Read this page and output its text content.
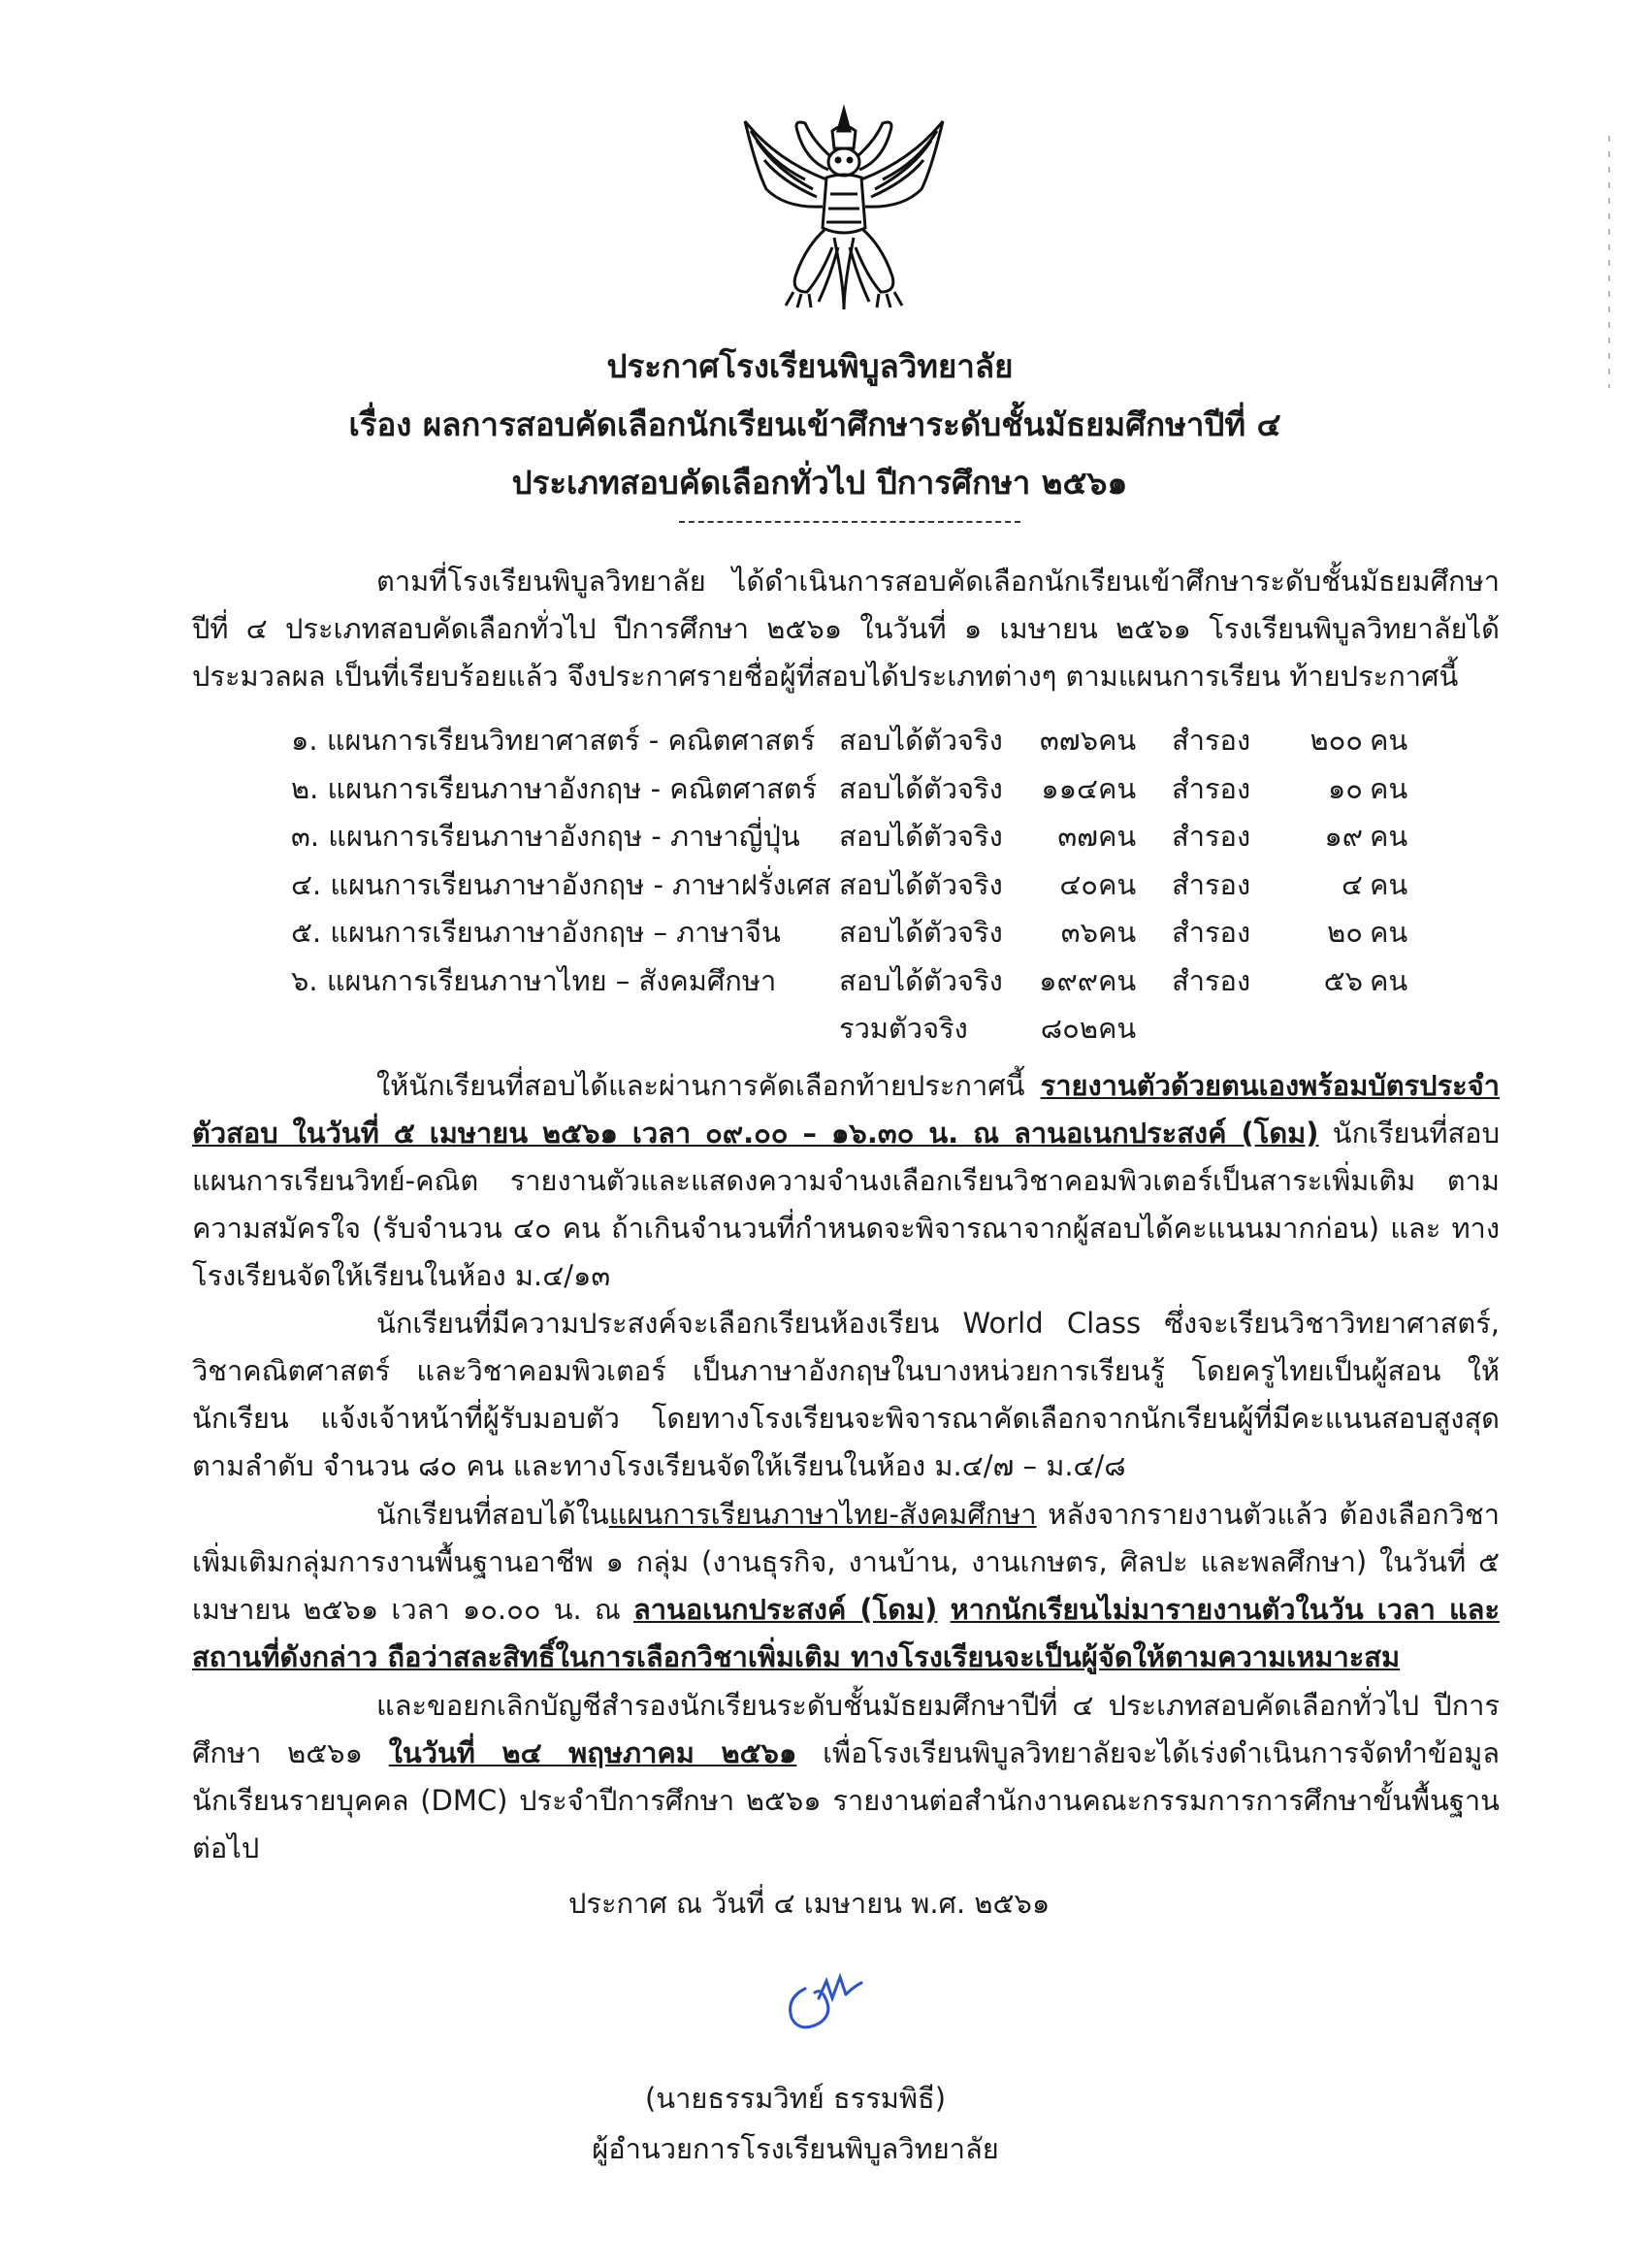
ประกาศโรงเรียนพิบูลวิทยาลัย
เรื่อง ผลการสอบคัดเลือกนักเรียนเข้าศึกษาระดับชั้นมัธยมศึกษาปีที่ ๔
ประเภทสอบคัดเลือกทั่วไป ปีการศึกษา ๒๕๖๑
ตามที่โรงเรียนพิบูลวิทยาลัย ได้ดำเนินการสอบคัดเลือกนักเรียนเข้าศึกษาระดับชั้นมัธยมศึกษาปีที่ ๔ ประเภทสอบคัดเลือกทั่วไป ปีการศึกษา ๒๕๖๑ ในวันที่ ๑ เมษายน ๒๕๖๑ โรงเรียนพิบูลวิทยาลัยได้ประมวลผล เป็นที่เรียบร้อยแล้ว จึงประกาศรายชื่อผู้ที่สอบได้ประเภทต่างๆ ตามแผนการเรียน ท้ายประกาศนี้
๑. แผนการเรียนวิทยาศาสตร์ - คณิตศาสตร์ สอบได้ตัวจริง	๓๗๖ คน สำรอง	๒๐๐ คน
๒. แผนการเรียนภาษาอังกฤษ - คณิตศาสตร์ สอบได้ตัวจริง	๑๑๔ คน สำรอง	๑๐ คน
๓. แผนการเรียนภาษาอังกฤษ - ภาษาญี่ปุ่น สอบได้ตัวจริง	๓๗ คน สำรอง	๑๙ คน
๔. แผนการเรียนภาษาอังกฤษ - ภาษาฝรั่งเศส สอบได้ตัวจริง	๔๐ คน สำรอง	๔ คน
๕. แผนการเรียนภาษาอังกฤษ – ภาษาจีน สอบได้ตัวจริง	๓๖ คน สำรอง	๒๐ คน
๖. แผนการเรียนภาษาไทย – สังคมศึกษา สอบได้ตัวจริง	๑๙๙ คน สำรอง	๕๖ คน
รวมตัวจริง	๘๐๒ คน
ให้นักเรียนที่สอบได้และผ่านการคัดเลือกท้ายประกาศนี้ รายงานตัวด้วยตนเองพร้อมบัตรประจำตัวสอบ ในวันที่ ๕ เมษายน ๒๕๖๑ เวลา ๐๙.๐๐ – ๑๖.๓๐ น. ณ ลานอเนกประสงค์ (โดม) นักเรียนที่สอบแผนการเรียนวิทย์-คณิต รายงานตัวและแสดงความจำนงเลือกเรียนวิชาคอมพิวเตอร์เป็นสาระเพิ่มเติม ตามความสมัครใจ (รับจำนวน ๔๐ คน ถ้าเกินจำนวนที่กำหนดจะพิจารณาจากผู้สอบได้คะแนนมากก่อน) และ ทางโรงเรียนจัดให้เรียนในห้อง ม.๔/๑๓
นักเรียนที่มีความประสงค์จะเลือกเรียนห้องเรียน World Class ซึ่งจะเรียนวิชาวิทยาศาสตร์, วิชาคณิตศาสตร์ และวิชาคอมพิวเตอร์ เป็นภาษาอังกฤษในบางหน่วยการเรียนรู้ โดยครูไทยเป็นผู้สอน ให้นักเรียน แจ้งเจ้าหน้าที่ผู้รับมอบตัว โดยทางโรงเรียนจะพิจารณาคัดเลือกจากนักเรียนผู้ที่มีคะแนนสอบสูงสุดตามลำดับ จำนวน ๘๐ คน และทางโรงเรียนจัดให้เรียนในห้อง ม.๔/๗ – ม.๔/๘
นักเรียนที่สอบได้ในแผนการเรียนภาษาไทย-สังคมศึกษา หลังจากรายงานตัวแล้ว ต้องเลือกวิชา เพิ่มเติมกลุ่มการงานพื้นฐานอาชีพ ๑ กลุ่ม (งานธุรกิจ, งานบ้าน, งานเกษตร, ศิลปะ และพลศึกษา) ในวันที่ ๕ เมษายน ๒๕๖๑ เวลา ๑๐.๐๐ น. ณ ลานอเนกประสงค์ (โดม) หากนักเรียนไม่มารายงานตัวในวัน เวลา และ สถานที่ดังกล่าว ถือว่าสละสิทธิ์ในการเลือกวิชาเพิ่มเติม ทางโรงเรียนจะเป็นผู้จัดให้ตามความเหมาะสม
และขอยกเลิกบัญชีสำรองนักเรียนระดับชั้นมัธยมศึกษาปีที่ ๔ ประเภทสอบคัดเลือกทั่วไป ปีการศึกษา ๒๕๖๑ ในวันที่ ๒๔ พฤษภาคม ๒๕๖๑ เพื่อโรงเรียนพิบูลวิทยาลัยจะได้เร่งดำเนินการจัดทำข้อมูล นักเรียนรายบุคคล (DMC) ประจำปีการศึกษา ๒๕๖๑ รายงานต่อสำนักงานคณะกรรมการการศึกษาขั้นพื้นฐานต่อไป
ประกาศ ณ วันที่ ๔ เมษายน พ.ศ. ๒๕๖๑
(นายธรรมวิทย์ ธรรมพิธี)
ผู้อำนวยการโรงเรียนพิบูลวิทยาลัย
